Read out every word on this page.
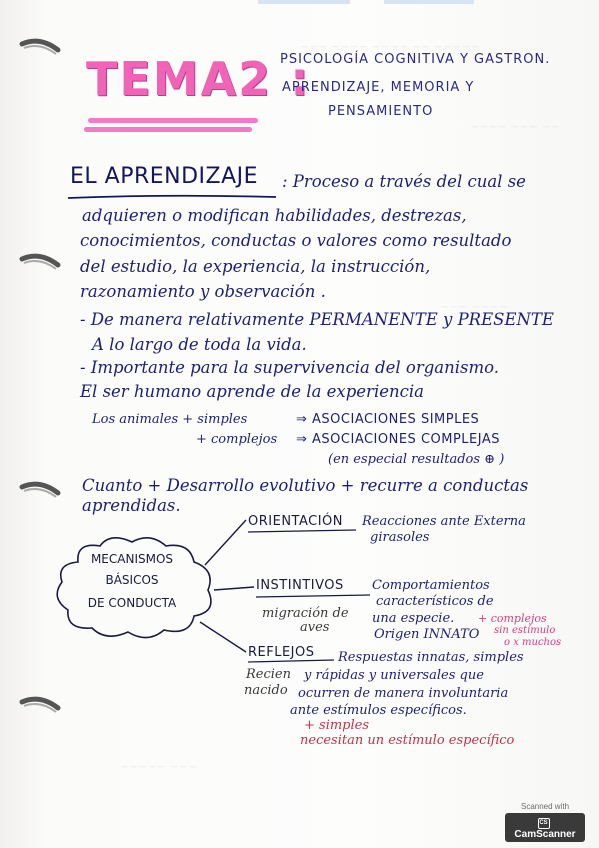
~~~ ~~~~ ~~~~ ~~ ~~~~~
~~~~ ~~~ ~~
~~~ ~~~~
~~~~~ ~~~
TEMA2 :
PSICOLOGÍA COGNITIVA Y GASTRON.
APRENDIZAJE, MEMORIA Y
PENSAMIENTO
EL APRENDIZAJE : Proceso a través del cual se
adquieren o modifican habilidades, destrezas,
conocimientos, conductas o valores como resultado
del estudio, la experiencia, la instrucción,
razonamiento y observación .
- De manera relativamente PERMANENTE y PRESENTE
A lo largo de toda la vida.
- Importante para la supervivencia del organismo.
El ser humano aprende de la experiencia
Los animales + simples	⇒ ASOCIACIONES SIMPLES
+ complejos ⇒ ASOCIACIONES COMPLEJAS
(en especial resultados ⊕ )
Cuanto + Desarrollo evolutivo + recurre a conductas
aprendidas.
MECANISMOS
BÁSICOS
DE CONDUCTA
ORIENTACIÓN Reacciones ante Externa
girasoles
INSTINTIVOS Comportamientos
característicos de
una especie.
Origen INNATO
migración de
aves
+ complejos
sin estímulo
o x muchos
REFLEJOS Respuestas innatas, simples
y rápidas y universales que
ocurren de manera involuntaria
ante estímulos específicos.
Recien
nacido
+ simples
necesitan un estímulo específico
Scanned with
CSCamScanner
